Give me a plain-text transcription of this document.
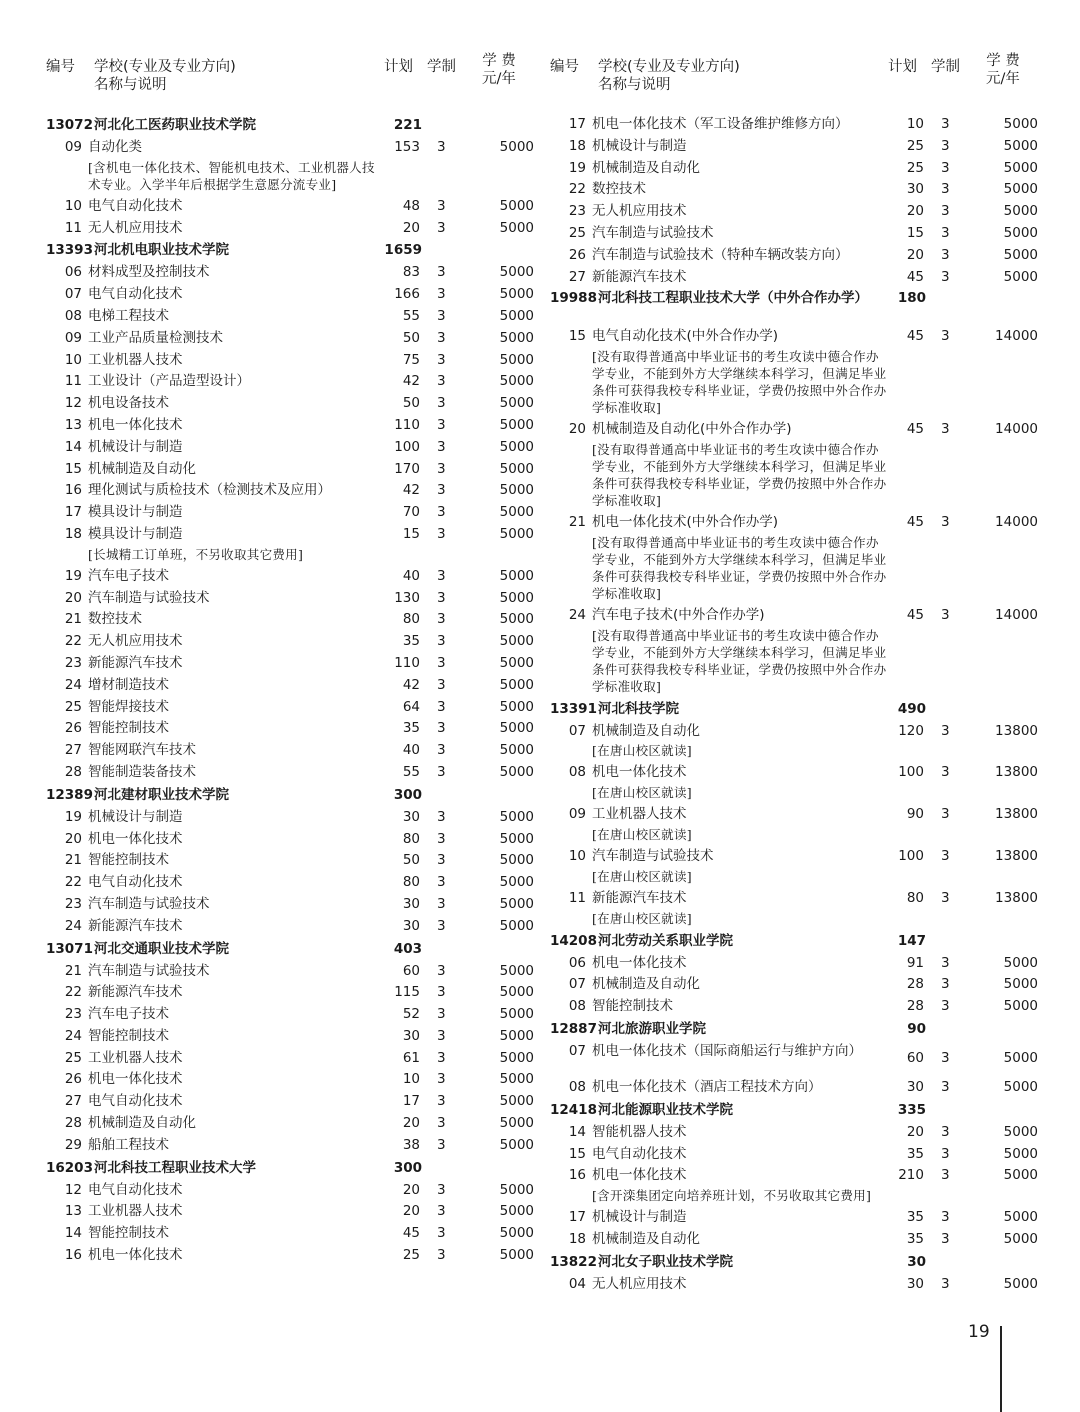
编号 学校(专业及专业方向)
名称与说明
计划 学制	学 费
元/年
13072 河北化工医药职业技术学院	221
09 自动化类	153 3	5000
[含机电一体化技术、智能机电技术、工业机器人技术专业。入学半年后根据学生意愿分流专业]
10 电气自动化技术	48 3	5000
11 无人机应用技术	20 3	5000
13393 河北机电职业技术学院	1659
06 材料成型及控制技术	83 3	5000
07 电气自动化技术	166 3	5000
08 电梯工程技术	55 3	5000
09 工业产品质量检测技术	50 3	5000
10 工业机器人技术	75 3	5000
11 工业设计（产品造型设计）	42 3	5000
12 机电设备技术	50 3	5000
13 机电一体化技术	110 3	5000
14 机械设计与制造	100 3	5000
15 机械制造及自动化	170 3	5000
16 理化测试与质检技术（检测技术及应用）	42 3	5000
17 模具设计与制造	70 3	5000
18 模具设计与制造	15 3	5000
[长城精工订单班，不另收取其它费用]
19 汽车电子技术	40 3	5000
20 汽车制造与试验技术	130 3	5000
21 数控技术	80 3	5000
22 无人机应用技术	35 3	5000
23 新能源汽车技术	110 3	5000
24 增材制造技术	42 3	5000
25 智能焊接技术	64 3	5000
26 智能控制技术	35 3	5000
27 智能网联汽车技术	40 3	5000
28 智能制造装备技术	55 3	5000
12389 河北建材职业技术学院	300
19 机械设计与制造	30 3	5000
20 机电一体化技术	80 3	5000
21 智能控制技术	50 3	5000
22 电气自动化技术	80 3	5000
23 汽车制造与试验技术	30 3	5000
24 新能源汽车技术	30 3	5000
13071 河北交通职业技术学院	403
21 汽车制造与试验技术	60 3	5000
22 新能源汽车技术	115 3	5000
23 汽车电子技术	52 3	5000
24 智能控制技术	30 3	5000
25 工业机器人技术	61 3	5000
26 机电一体化技术	10 3	5000
27 电气自动化技术	17 3	5000
28 机械制造及自动化	20 3	5000
29 船舶工程技术	38 3	5000
16203 河北科技工程职业技术大学	300
12 电气自动化技术	20 3	5000
13 工业机器人技术	20 3	5000
14 智能控制技术	45 3	5000
16 机电一体化技术	25 3	5000
编号 学校(专业及专业方向)
名称与说明
计划 学制	学 费
元/年
17 机电一体化技术（军工设备维护维修方向）	10 3	5000
18 机械设计与制造	25 3	5000
19 机械制造及自动化	25 3	5000
22 数控技术	30 3	5000
23 无人机应用技术	20 3	5000
25 汽车制造与试验技术	15 3	5000
26 汽车制造与试验技术（特种车辆改装方向）	20 3	5000
27 新能源汽车技术	45 3	5000
19988 河北科技工程职业技术大学（中外合作办学）	180
15 电气自动化技术(中外合作办学)	45 3	14000
[没有取得普通高中毕业证书的考生攻读中德合作办学专业，不能到外方大学继续本科学习，但满足毕业条件可获得我校专科毕业证，学费仍按照中外合作办学标准收取]
20 机械制造及自动化(中外合作办学)	45 3	14000
[没有取得普通高中毕业证书的考生攻读中德合作办学专业，不能到外方大学继续本科学习，但满足毕业条件可获得我校专科毕业证，学费仍按照中外合作办学标准收取]
21 机电一体化技术(中外合作办学)	45 3	14000
[没有取得普通高中毕业证书的考生攻读中德合作办学专业，不能到外方大学继续本科学习，但满足毕业条件可获得我校专科毕业证，学费仍按照中外合作办学标准收取]
24 汽车电子技术(中外合作办学)	45 3	14000
[没有取得普通高中毕业证书的考生攻读中德合作办学专业，不能到外方大学继续本科学习，但满足毕业条件可获得我校专科毕业证，学费仍按照中外合作办学标准收取]
13391 河北科技学院	490
07 机械制造及自动化	120 3	13800
[在唐山校区就读]
08 机电一体化技术	100 3	13800
[在唐山校区就读]
09 工业机器人技术	90 3	13800
[在唐山校区就读]
10 汽车制造与试验技术	100 3	13800
[在唐山校区就读]
11 新能源汽车技术	80 3	13800
[在唐山校区就读]
14208 河北劳动关系职业学院	147
06 机电一体化技术	91 3	5000
07 机械制造及自动化	28 3	5000
08 智能控制技术	28 3	5000
12887 河北旅游职业学院	90
07 机电一体化技术（国际商船运行与维护方向）	60 3	5000
08 机电一体化技术（酒店工程技术方向）	30 3	5000
12418 河北能源职业技术学院	335
14 智能机器人技术	20 3	5000
15 电气自动化技术	35 3	5000
16 机电一体化技术	210 3	5000
[含开滦集团定向培养班计划，不另收取其它费用]
17 机械设计与制造	35 3	5000
18 机械制造及自动化	35 3	5000
13822 河北女子职业技术学院	30
04 无人机应用技术	30 3	5000
19
